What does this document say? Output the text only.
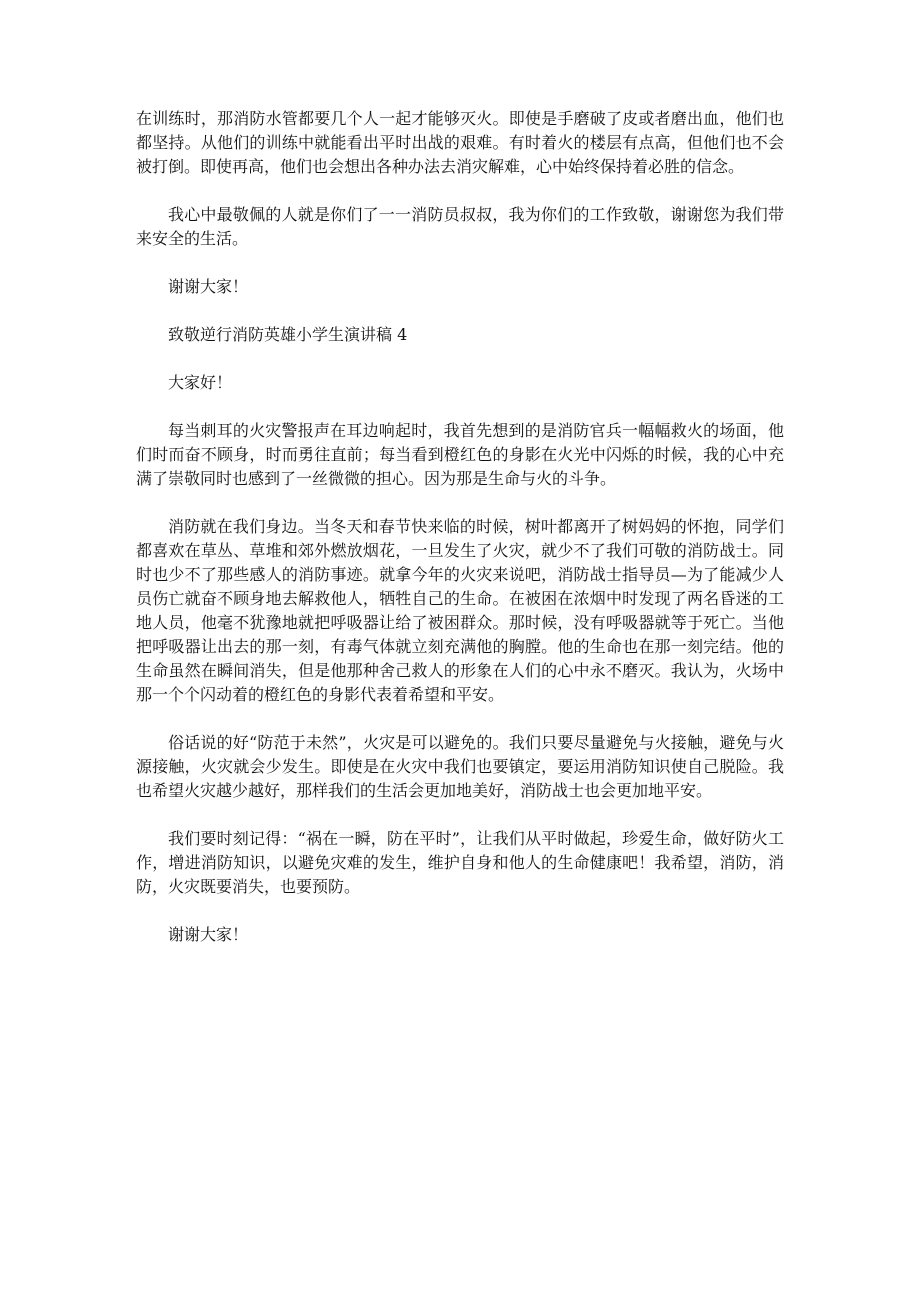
在训练时，那消防水管都要几个人一起才能够灭火。即使是手磨破了皮或者磨出血，他们也都坚持。从他们的训练中就能看出平时出战的艰难。有时着火的楼层有点高，但他们也不会被打倒。即使再高，他们也会想出各种办法去消灾解难，心中始终保持着必胜的信念。

我心中最敬佩的人就是你们了一一消防员叔叔，我为你们的工作致敬，谢谢您为我们带来安全的生活。

谢谢大家！

致敬逆行消防英雄小学生演讲稿 4

大家好！

每当刺耳的火灾警报声在耳边响起时，我首先想到的是消防官兵一幅幅救火的场面，他们时而奋不顾身，时而勇往直前；每当看到橙红色的身影在火光中闪烁的时候，我的心中充满了崇敬同时也感到了一丝微微的担心。因为那是生命与火的斗争。

消防就在我们身边。当冬天和春节快来临的时候，树叶都离开了树妈妈的怀抱，同学们都喜欢在草丛、草堆和郊外燃放烟花，一旦发生了火灾，就少不了我们可敬的消防战士。同时也少不了那些感人的消防事迹。就拿今年的火灾来说吧，消防战士指导员—为了能减少人员伤亡就奋不顾身地去解救他人，牺牲自己的生命。在被困在浓烟中时发现了两名昏迷的工地人员，他毫不犹豫地就把呼吸器让给了被困群众。那时候，没有呼吸器就等于死亡。当他把呼吸器让出去的那一刻，有毒气体就立刻充满他的胸膛。他的生命也在那一刻完结。他的生命虽然在瞬间消失，但是他那种舍己救人的形象在人们的心中永不磨灭。我认为，火场中那一个个闪动着的橙红色的身影代表着希望和平安。

俗话说的好“防范于未然”，火灾是可以避免的。我们只要尽量避免与火接触，避免与火源接触，火灾就会少发生。即使是在火灾中我们也要镇定，要运用消防知识使自己脱险。我也希望火灾越少越好，那样我们的生活会更加地美好，消防战士也会更加地平安。

我们要时刻记得：“祸在一瞬，防在平时”，让我们从平时做起，珍爱生命，做好防火工作，增进消防知识，以避免灾难的发生，维护自身和他人的生命健康吧！我希望，消防，消防，火灾既要消失，也要预防。

谢谢大家！
